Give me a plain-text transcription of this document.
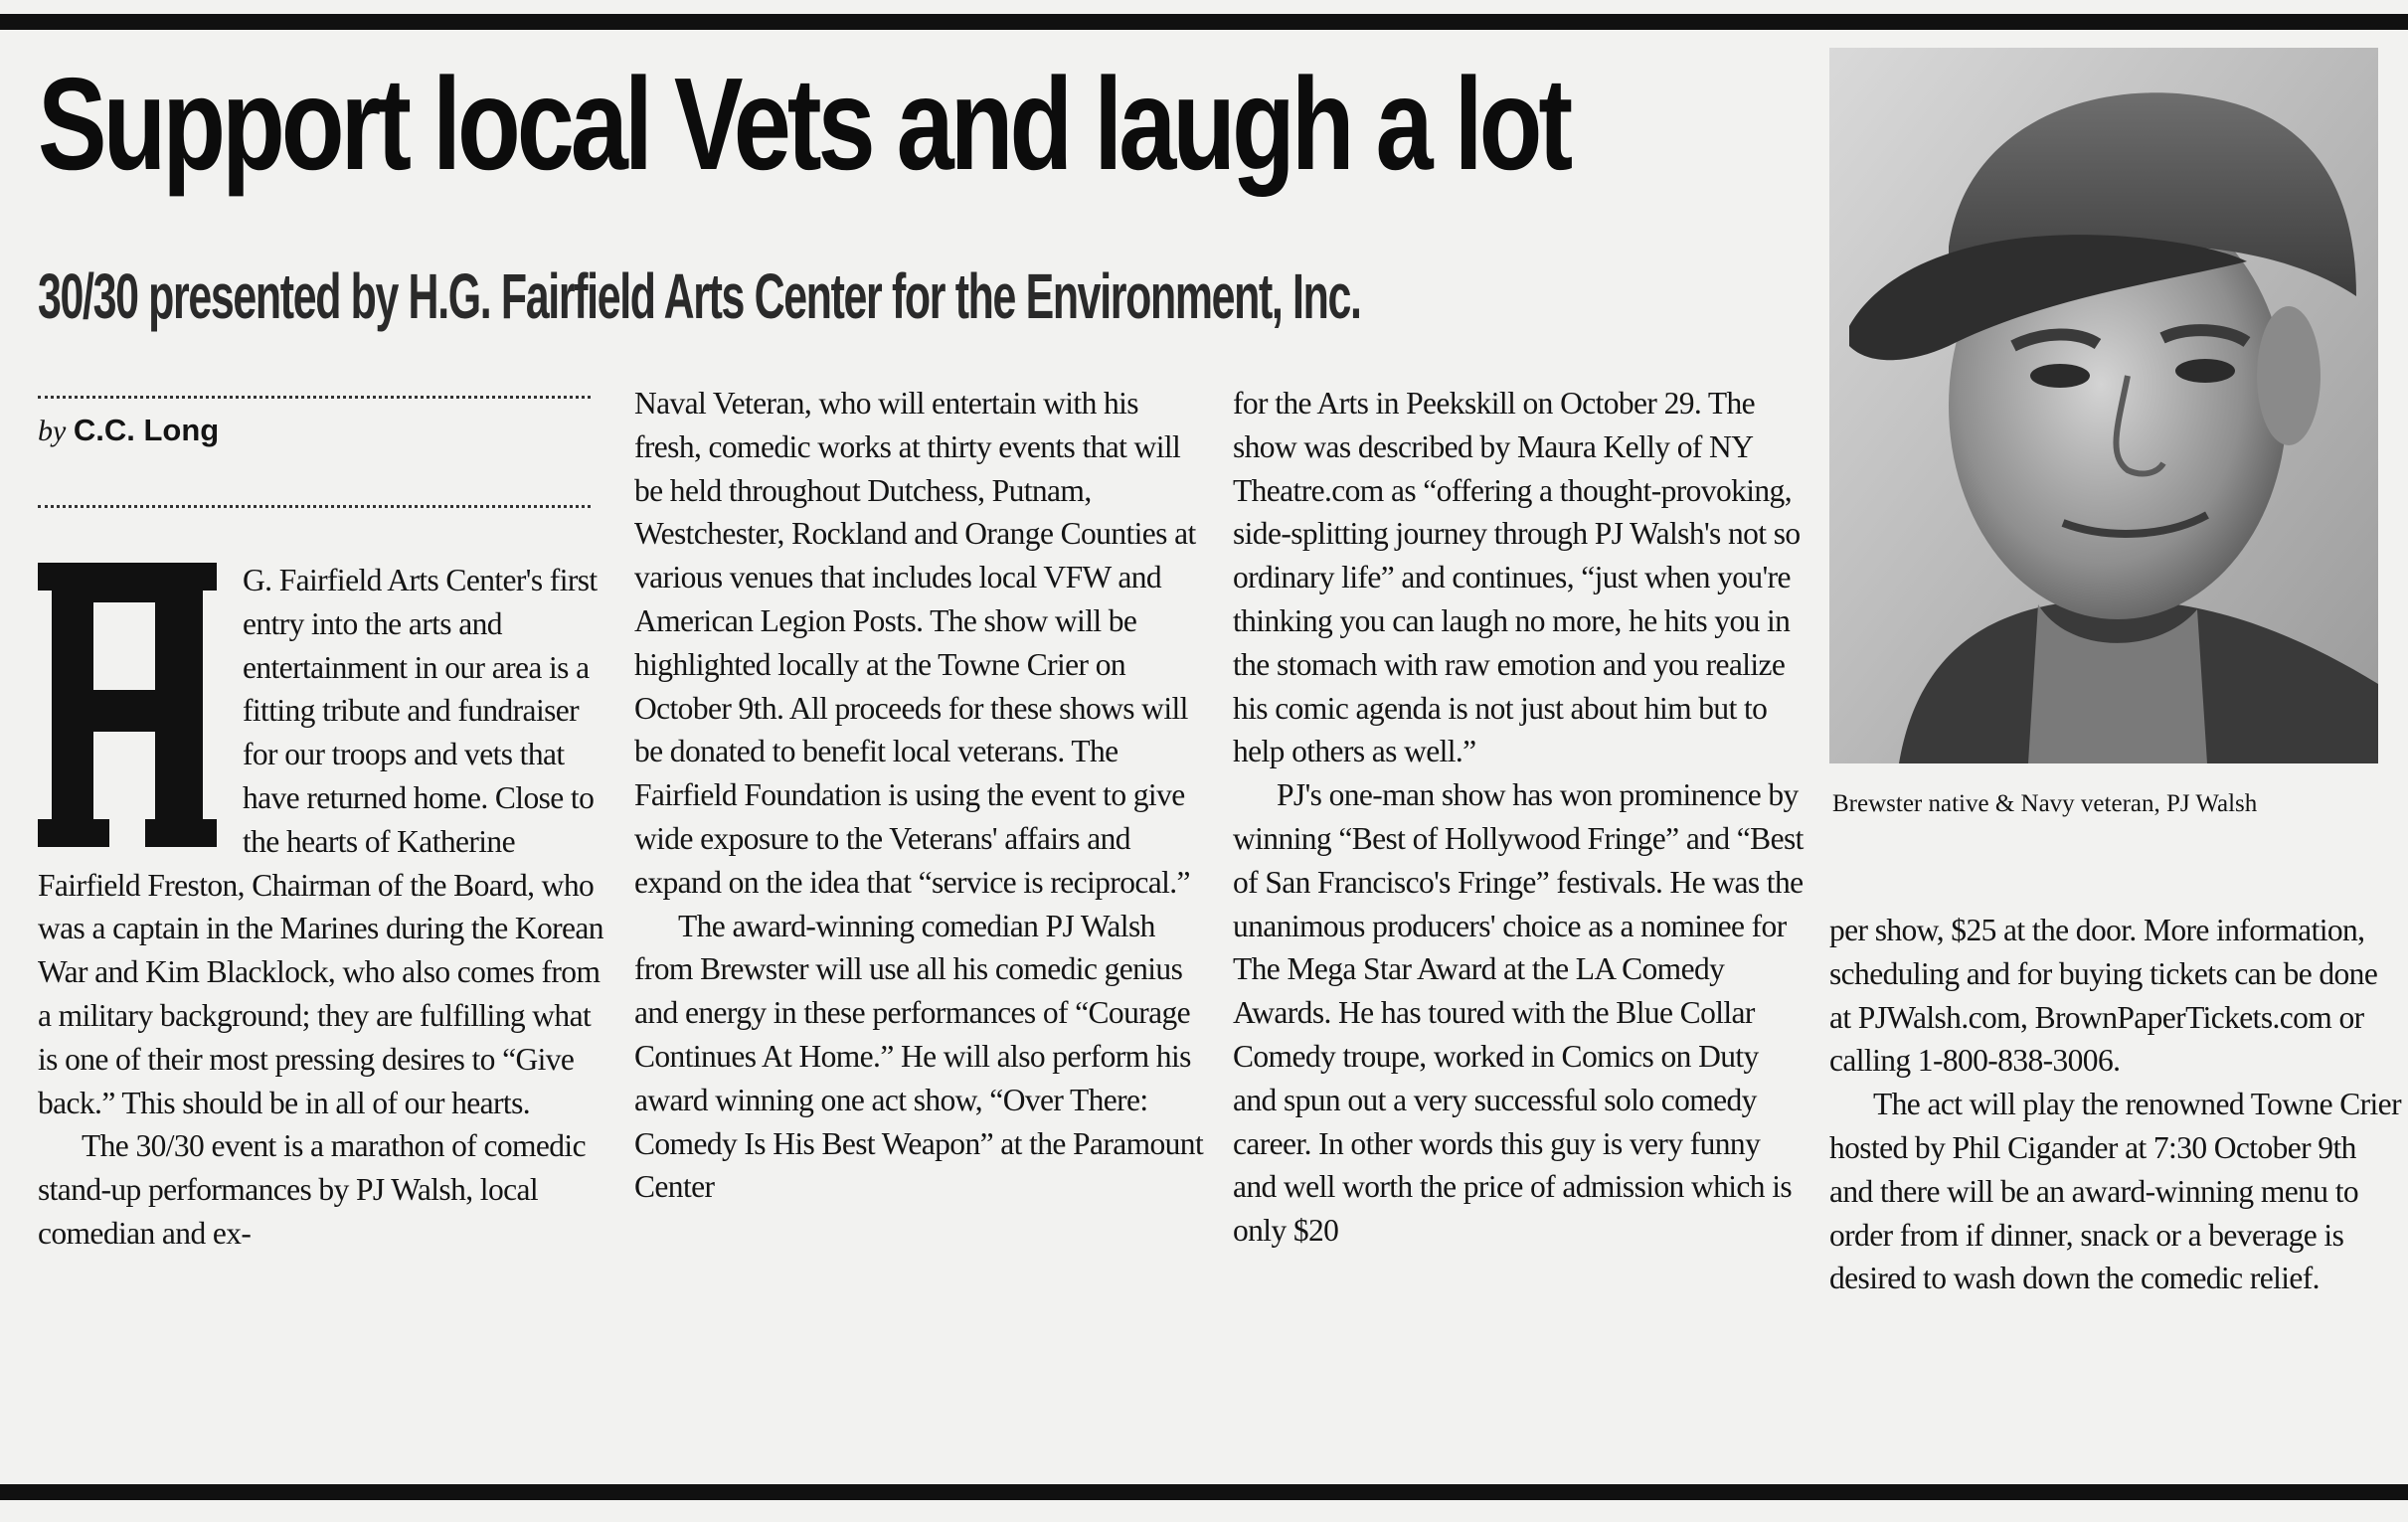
Support local Vets and laugh a lot
30/30 presented by H.G. Fairfield Arts Center for the Environment, Inc.
by C.C. Long

G. Fairfield Arts Center's first entry into the arts and entertainment in our area is a fitting tribute and fundraiser for our troops and vets that have returned home. Close to the hearts of Katherine Fairfield Freston, Chairman of the Board, who was a captain in the Marines during the Korean War and Kim Blacklock, who also comes from a military background; they are fulfilling what is one of their most pressing desires to “Give back.” This should be in all of our hearts.

The 30/30 event is a marathon of comedic stand-up performances by PJ Walsh, local comedian and ex-

Naval Veteran, who will entertain with his fresh, comedic works at thirty events that will be held throughout Dutchess, Putnam, Westchester, Rockland and Orange Counties at various venues that includes local VFW and American Legion Posts. The show will be highlighted locally at the Towne Crier on October 9th. All proceeds for these shows will be donated to benefit local veterans. The Fairfield Foundation is using the event to give wide exposure to the Veterans' affairs and expand on the idea that “service is reciprocal.”

The award-winning comedian PJ Walsh from Brewster will use all his comedic genius and energy in these performances of “Courage Continues At Home.” He will also perform his award winning one act show, “Over There: Comedy Is His Best Weapon” at the Paramount Center

for the Arts in Peekskill on October 29. The show was described by Maura Kelly of NY Theatre.com as “offering a thought-provoking, side-splitting journey through PJ Walsh's not so ordinary life” and continues, “just when you're thinking you can laugh no more, he hits you in the stomach with raw emotion and you realize his comic agenda is not just about him but to help others as well.”

PJ's one-man show has won prominence by winning “Best of Hollywood Fringe” and “Best of San Francisco's Fringe” festivals. He was the unanimous producers' choice as a nominee for The Mega Star Award at the LA Comedy Awards. He has toured with the Blue Collar Comedy troupe, worked in Comics on Duty and spun out a very successful solo comedy career. In other words this guy is very funny and well worth the price of admission which is only $20

Brewster native & Navy veteran, PJ Walsh

per show, $25 at the door. More information, scheduling and for buying tickets can be done at PJWalsh.com, BrownPaperTickets.com or calling 1-800-838-3006.

The act will play the renowned Towne Crier hosted by Phil Cigander at 7:30 October 9th and there will be an award-winning menu to order from if dinner, snack or a beverage is desired to wash down the comedic relief.
